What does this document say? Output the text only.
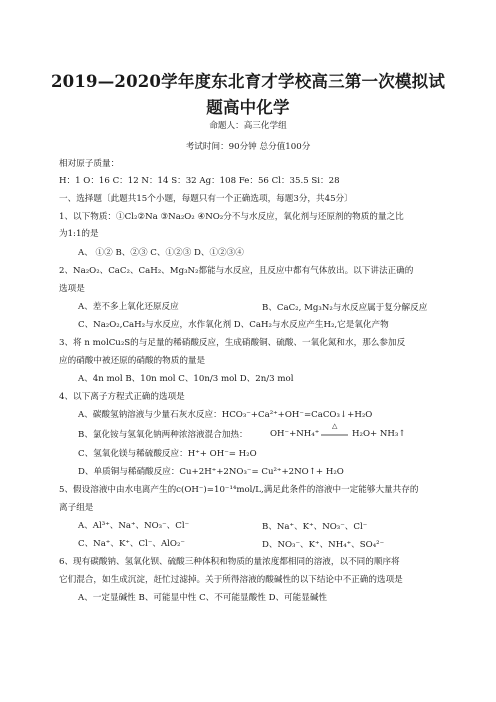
2019—2020学年度东北育才学校高三第一次模拟试
题高中化学
命题人：高三化学组
考试时间：90分钟 总分值100分
相对原子质量：
H：1 O：16 C：12 N：14 S：32 Ag：108 Fe：56 Cl：35.5 Si：28
一、选择题〔此题共15个小题，每题只有一个正确选项，每题3分，共45分〕
1、以下物质：①Cl₂②Na ③Na₂O₂ ④NO₂分不与水反应，氧化剂与还原剂的物质的量之比
为1:1的是
A、 ①② B、②③ C、①②③ D、①②③④
2、Na₂O₂、CaC₂、CaH₂、Mg₃N₂都能与水反应，且反应中都有气体放出。以下讲法正确的
选项是
A、差不多上氧化还原反应	B、CaC₂, Mg₃N₂与水反应属于复分解反应
C、Na₂O₂,CaH₂与水反应，水作氧化剂 D、CaH₂与水反应产生H₂,它是氧化产物
3、将 n molCu₂S的与足量的稀硝酸反应，生成硝酸铜、硫酸、一氧化氮和水，那么参加反
应的硝酸中被还原的硝酸的物质的量是
A、4n mol B、10n mol C、10n/3 mol D、2n/3 mol
4、以下离子方程式正确的选项是
A、碳酸氢钠溶液与少量石灰水反应：HCO₃⁻+Ca²⁺+OH⁻=CaCO₃↓+H₂O
B、氯化铵与氢氧化钠两种浓溶液混合加热：	OH⁻+NH₄⁺
△
H₂O+ NH₃↑
C、氢氧化镁与稀硫酸反应：H⁺+ OH⁻= H₂O
D、单质铜与稀硝酸反应：Cu+2H⁺+2NO₃⁻= Cu²⁺+2NO↑+ H₂O
5、假设溶液中由水电离产生的c(OH⁻)=10⁻¹⁴mol/L,满足此条件的溶液中一定能够大量共存的
离子组是
A、Al³⁺、Na⁺、NO₃⁻、Cl⁻	B、Na⁺、K⁺、NO₃⁻、Cl⁻
C、Na⁺、K⁺、Cl⁻、AlO₂⁻	D、NO₃⁻、K⁺、NH₄⁺、SO₄²⁻
6、现有碳酸钠、氢氧化钡、硫酸三种体积和物质的量浓度都相同的溶液，以不同的顺序将
它们混合，如生成沉淀，赶忙过滤掉。关于所得溶液的酸碱性的以下结论中不正确的选项是
A、一定显碱性 B、可能显中性 C、不可能显酸性 D、可能显碱性
